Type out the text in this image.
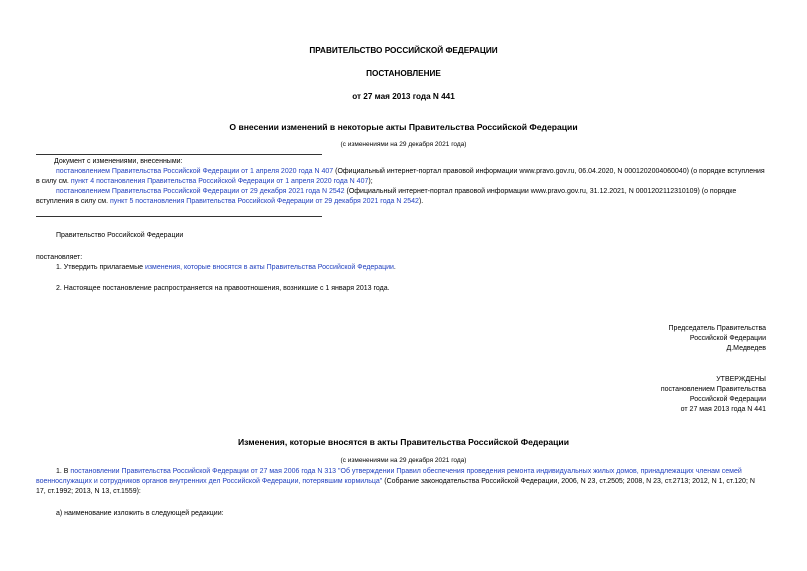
ПРАВИТЕЛЬСТВО РОССИЙСКОЙ ФЕДЕРАЦИИ
ПОСТАНОВЛЕНИЕ
от 27 мая 2013 года N 441
О внесении изменений в некоторые акты Правительства Российской Федерации
(с изменениями на 29 декабря 2021 года)

Документ с изменениями, внесенными:

постановлением Правительства Российской Федерации от 1 апреля 2020 года N 407 (Официальный интернет-портал правовой информации www.pravo.gov.ru, 06.04.2020, N 0001202004060040) (о порядке вступления в силу см. пункт 4 постановления Правительства Российской Федерации от 1 апреля 2020 года N 407);

постановлением Правительства Российской Федерации от 29 декабря 2021 года N 2542 (Официальный интернет-портал правовой информации www.pravo.gov.ru, 31.12.2021, N 0001202112310109) (о порядке вступления в силу см. пункт 5 постановления Правительства Российской Федерации от 29 декабря 2021 года N 2542).

Правительство Российской Федерации
постановляет:
1. Утвердить прилагаемые изменения, которые вносятся в акты Правительства Российской Федерации.
2. Настоящее постановление распространяется на правоотношения, возникшие с 1 января 2013 года.

Председатель Правительства

Российской Федерации

Д.Медведев

УТВЕРЖДЕНЫ

постановлением Правительства

Российской Федерации

от 27 мая 2013 года N 441

Изменения, которые вносятся в акты Правительства Российской Федерации
(с изменениями на 29 декабря 2021 года)
1. В постановлении Правительства Российской Федерации от 27 мая 2006 года N 313 "Об утверждении Правил обеспечения проведения ремонта индивидуальных жилых домов, принадлежащих членам семей военнослужащих и сотрудников органов внутренних дел Российской Федерации, потерявшим кормильца" (Собрание законодательства Российской Федерации, 2006, N 23, ст.2505; 2008, N 23, ст.2713; 2012, N 1, ст.120; N 17, ст.1992; 2013, N 13, ст.1559):
а) наименование изложить в следующей редакции:
